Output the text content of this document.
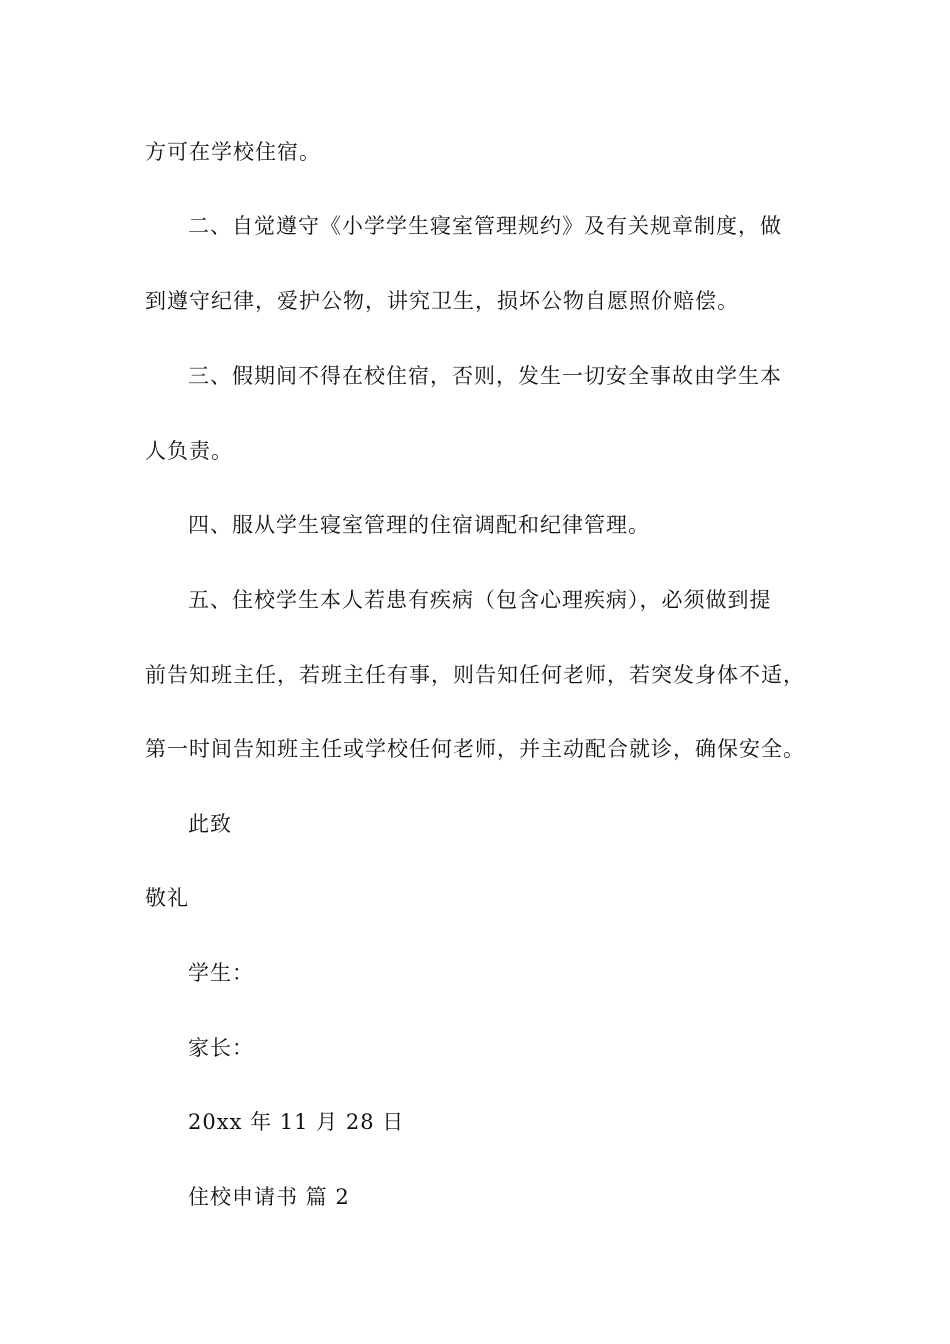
方可在学校住宿。
二、自觉遵守《小学学生寝室管理规约》及有关规章制度，做
到遵守纪律，爱护公物，讲究卫生，损坏公物自愿照价赔偿。
三、假期间不得在校住宿，否则，发生一切安全事故由学生本
人负责。
四、服从学生寝室管理的住宿调配和纪律管理。
五、住校学生本人若患有疾病（包含心理疾病），必须做到提
前告知班主任，若班主任有事，则告知任何老师，若突发身体不适，
第一时间告知班主任或学校任何老师，并主动配合就诊，确保安全。
此致
敬礼
学生：
家长：
20xx 年 11 月 28 日
住校申请书 篇 2
